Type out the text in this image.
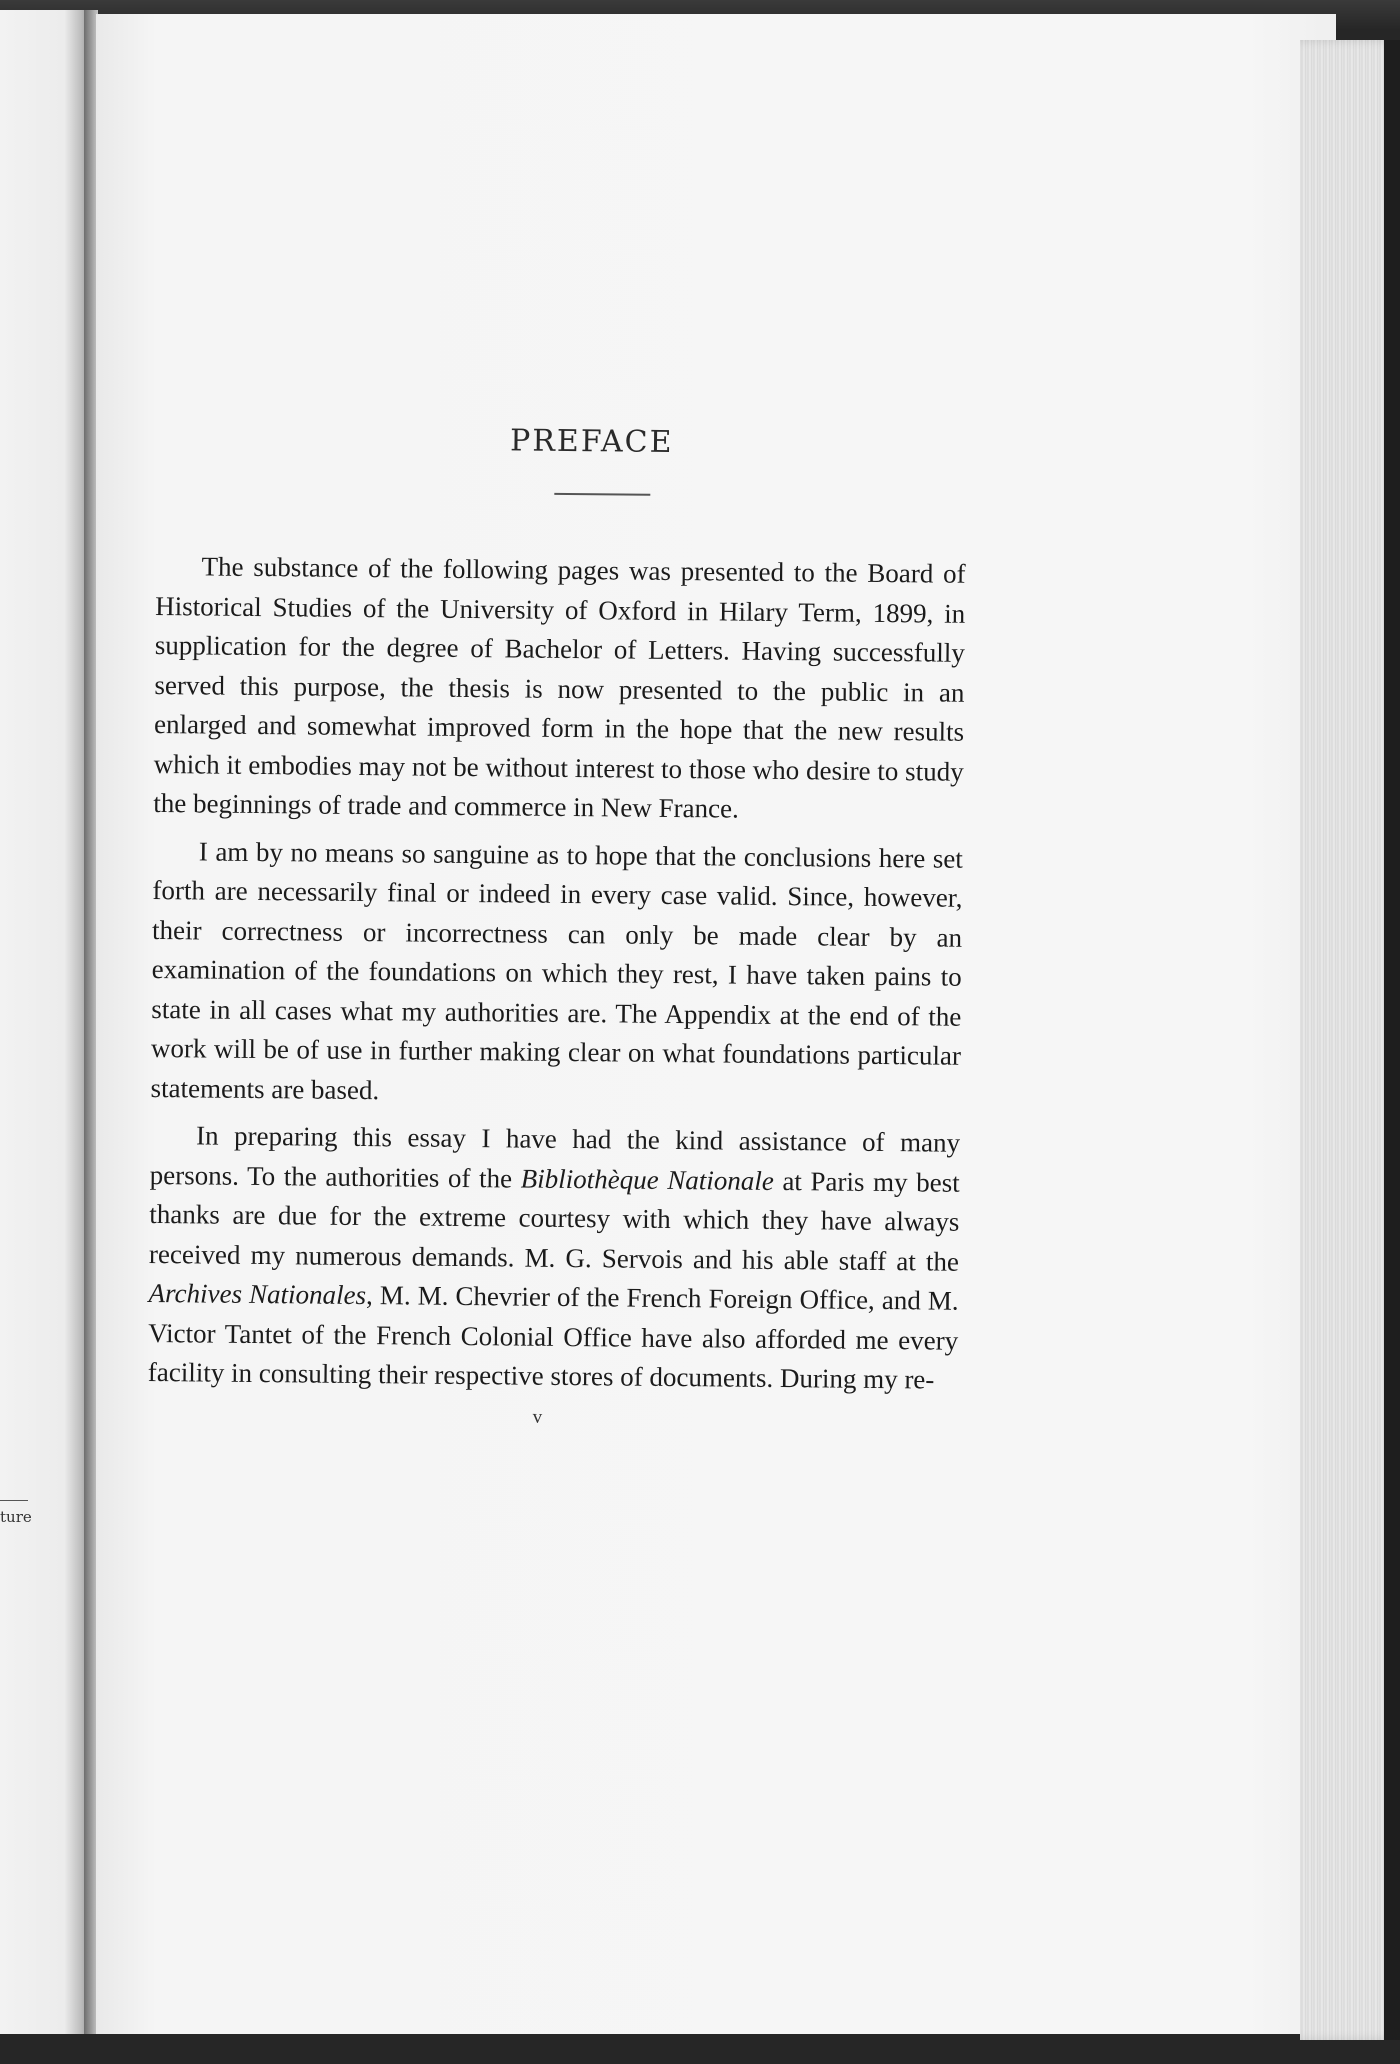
ture
PREFACE

The substance of the following pages was presented to the Board of Historical Studies of the University of Oxford in Hilary Term, 1899, in supplication for the degree of Bachelor of Letters. Having successfully served this purpose, the thesis is now presented to the public in an enlarged and somewhat improved form in the hope that the new results which it embodies may not be without interest to those who desire to study the beginnings of trade and commerce in New France.

I am by no means so sanguine as to hope that the conclusions here set forth are necessarily final or indeed in every case valid. Since, however, their correctness or incorrectness can only be made clear by an examination of the foundations on which they rest, I have taken pains to state in all cases what my authorities are. The Appendix at the end of the work will be of use in further making clear on what foundations particular statements are based.

In preparing this essay I have had the kind assistance of many persons. To the authorities of the Bibliothèque Nationale at Paris my best thanks are due for the extreme courtesy with which they have always received my numerous demands. M. G. Servois and his able staff at the Archives Nationales, M. M. Chevrier of the French Foreign Office, and M. Victor Tantet of the French Colonial Office have also afforded me every facility in consulting their respective stores of documents. During my re-

v
